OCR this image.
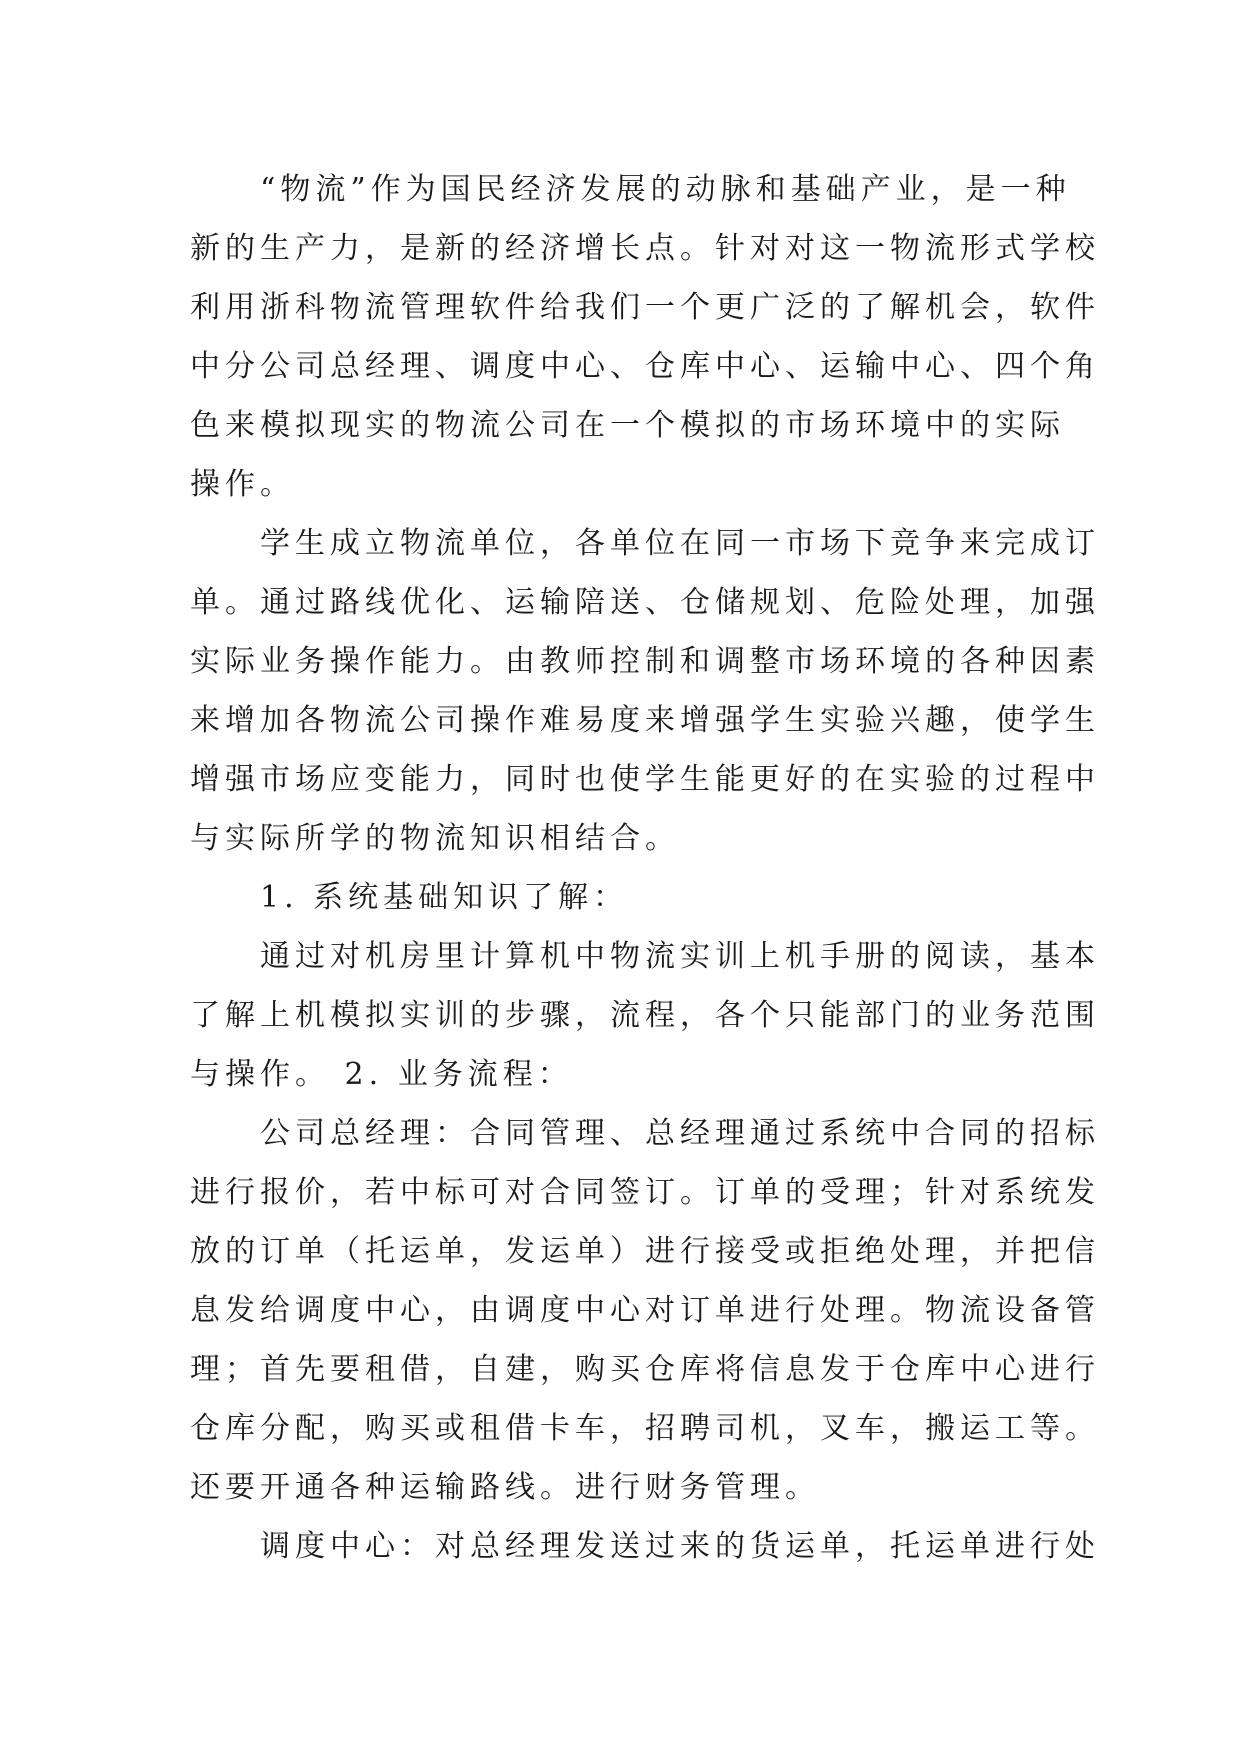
　　“物流”作为国民经济发展的动脉和基础产业，是一种
新的生产力，是新的经济增长点。针对对这一物流形式学校
利用浙科物流管理软件给我们一个更广泛的了解机会，软件
中分公司总经理、调度中心、仓库中心、运输中心、四个角
色来模拟现实的物流公司在一个模拟的市场环境中的实际
操作。
　　学生成立物流单位，各单位在同一市场下竞争来完成订
单。通过路线优化、运输陪送、仓储规划、危险处理，加强
实际业务操作能力。由教师控制和调整市场环境的各种因素
来增加各物流公司操作难易度来增强学生实验兴趣，使学生
增强市场应变能力，同时也使学生能更好的在实验的过程中
与实际所学的物流知识相结合。
　　1. 系统基础知识了解：
　　通过对机房里计算机中物流实训上机手册的阅读，基本
了解上机模拟实训的步骤，流程，各个只能部门的业务范围
与操作。 2. 业务流程：
　　公司总经理：合同管理、总经理通过系统中合同的招标
进行报价，若中标可对合同签订。订单的受理；针对系统发
放的订单（托运单，发运单）进行接受或拒绝处理，并把信
息发给调度中心，由调度中心对订单进行处理。物流设备管
理；首先要租借，自建，购买仓库将信息发于仓库中心进行
仓库分配，购买或租借卡车，招聘司机，叉车，搬运工等。
还要开通各种运输路线。进行财务管理。
　　调度中心：对总经理发送过来的货运单，托运单进行处
